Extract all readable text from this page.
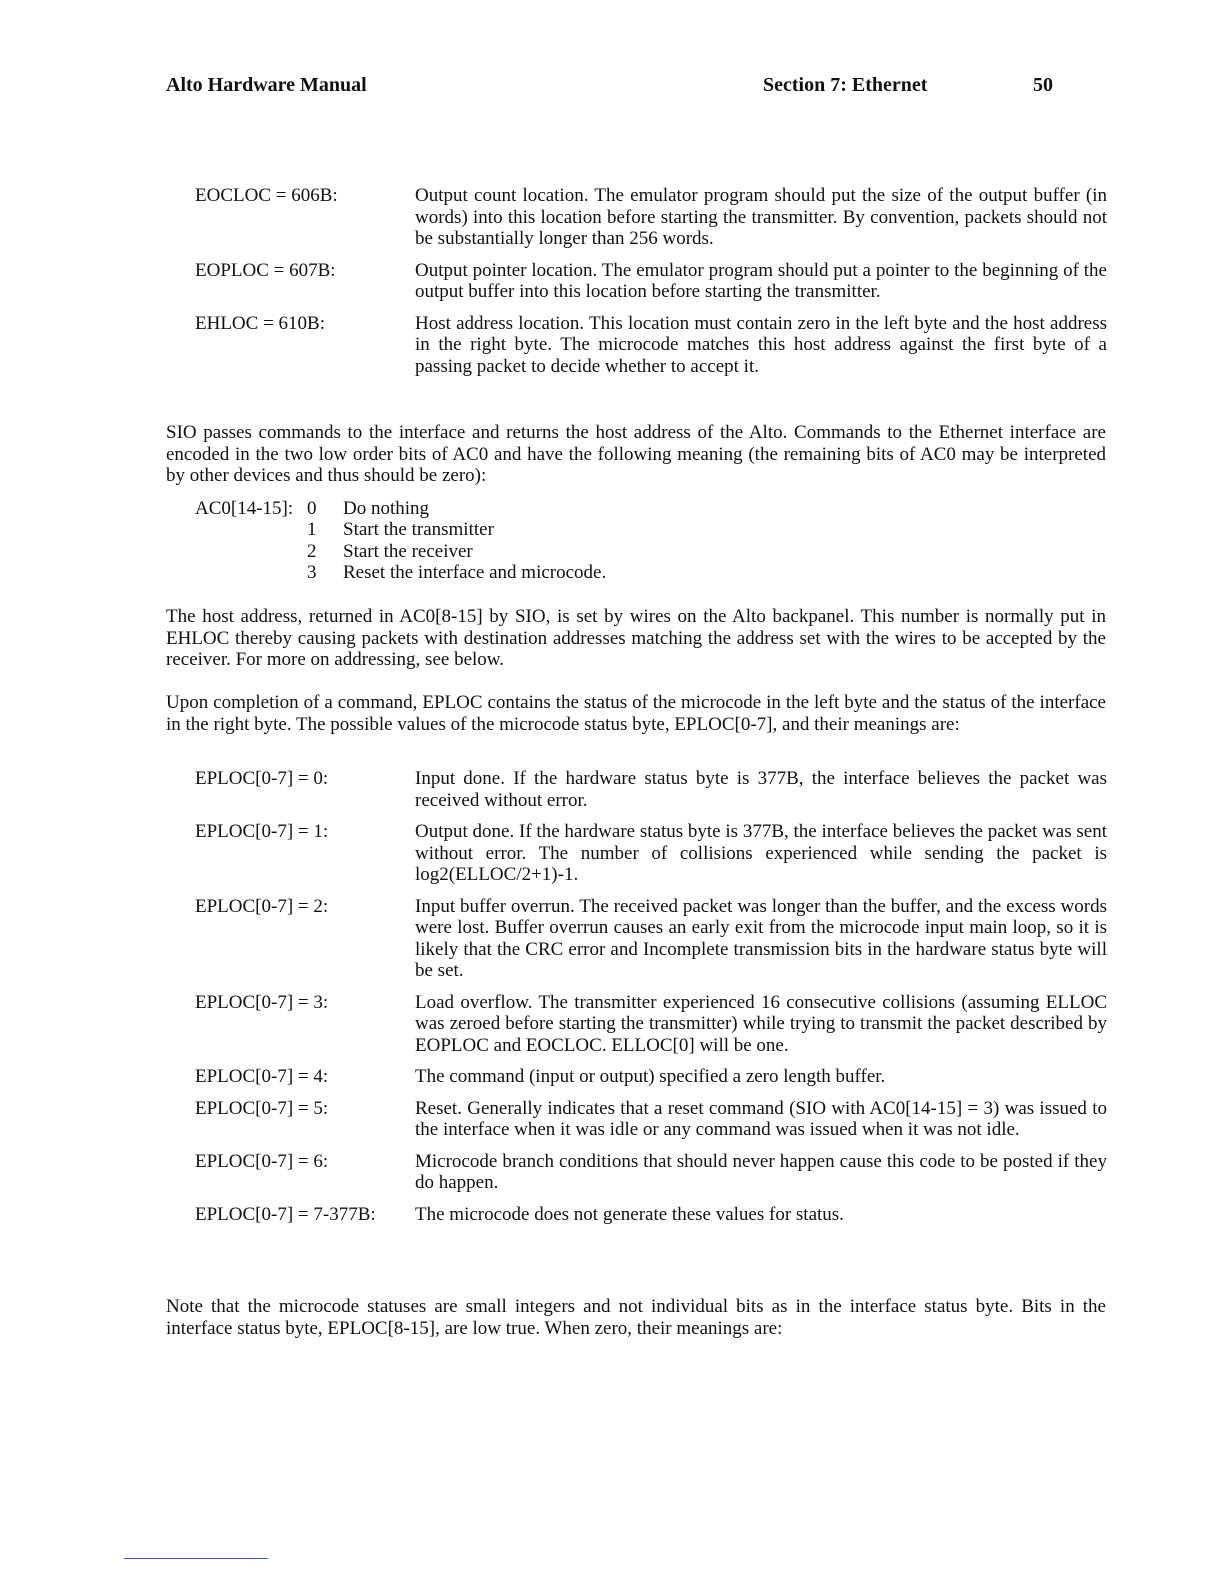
Alto Hardware Manual	Section 7: Ethernet	50
EOCLOC = 606B:	Output count location. The emulator program should put the size of the output buffer (in words) into this location before starting the transmitter. By convention, packets should not be substantially longer than 256 words.
EOPLOC = 607B:	Output pointer location. The emulator program should put a pointer to the beginning of the output buffer into this location before starting the transmitter.
EHLOC = 610B:	Host address location. This location must contain zero in the left byte and the host address in the right byte. The microcode matches this host address against the first byte of a passing packet to decide whether to accept it.
SIO passes commands to the interface and returns the host address of the Alto. Commands to the Ethernet interface are encoded in the two low order bits of AC0 and have the following meaning (the remaining bits of AC0 may be interpreted by other devices and thus should be zero):
AC0[14-15]: 0	Do nothing
1	Start the transmitter
2	Start the receiver
3	Reset the interface and microcode.
The host address, returned in AC0[8-15] by SIO, is set by wires on the Alto backpanel. This number is normally put in EHLOC thereby causing packets with destination addresses matching the address set with the wires to be accepted by the receiver. For more on addressing, see below.
Upon completion of a command, EPLOC contains the status of the microcode in the left byte and the status of the interface in the right byte. The possible values of the microcode status byte, EPLOC[0-7], and their meanings are:
EPLOC[0-7] = 0:	Input done. If the hardware status byte is 377B, the interface believes the packet was received without error.
EPLOC[0-7] = 1:	Output done. If the hardware status byte is 377B, the interface believes the packet was sent without error. The number of collisions experienced while sending the packet is log2(ELLOC/2+1)-1.
EPLOC[0-7] = 2:	Input buffer overrun. The received packet was longer than the buffer, and the excess words were lost. Buffer overrun causes an early exit from the microcode input main loop, so it is likely that the CRC error and Incomplete transmission bits in the hardware status byte will be set.
EPLOC[0-7] = 3:	Load overflow. The transmitter experienced 16 consecutive collisions (assuming ELLOC was zeroed before starting the transmitter) while trying to transmit the packet described by EOPLOC and EOCLOC. ELLOC[0] will be one.
EPLOC[0-7] = 4:	The command (input or output) specified a zero length buffer.
EPLOC[0-7] = 5:	Reset. Generally indicates that a reset command (SIO with AC0[14-15] = 3) was issued to the interface when it was idle or any command was issued when it was not idle.
EPLOC[0-7] = 6:	Microcode branch conditions that should never happen cause this code to be posted if they do happen.
EPLOC[0-7] = 7-377B:	The microcode does not generate these values for status.
Note that the microcode statuses are small integers and not individual bits as in the interface status byte. Bits in the interface status byte, EPLOC[8-15], are low true. When zero, their meanings are:
